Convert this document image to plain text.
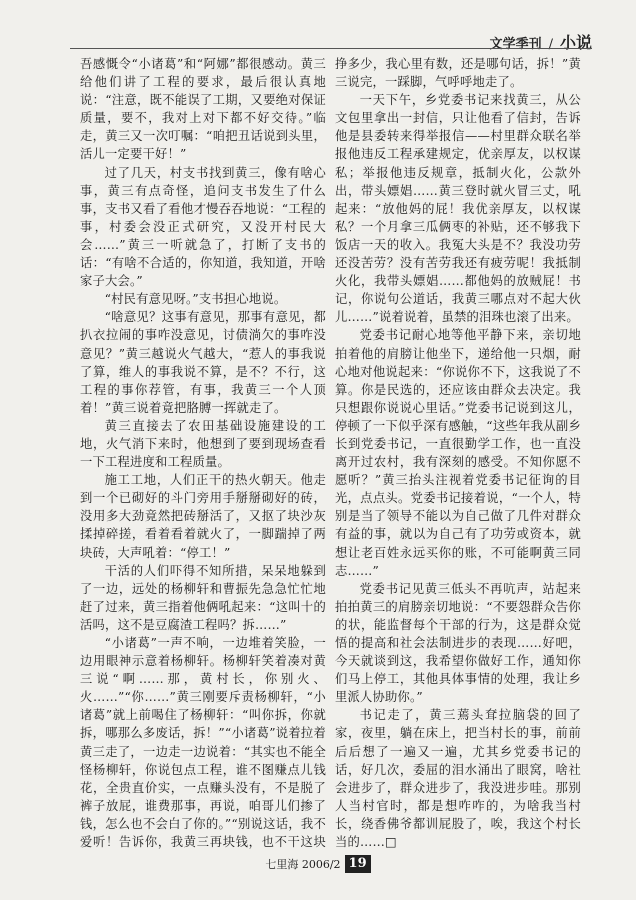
文学季刊 / 小说

吾感慨令“小诸葛”和“阿娜”都很感动。黄三给他们讲了工程的要求，最后很认真地说：“注意，既不能误了工期，又要绝对保证质量，要不，我对上对下都不好交待。”临走，黄三又一次叮嘱：“咱把丑话说到头里，活儿一定要干好！”

过了几天，村支书找到黄三，像有啥心事，黄三有点奇怪，追问支书发生了什么事，支书又看了看他才慢吞吞地说：“工程的事，村委会没正式研究，又没开村民大会……”黄三一听就急了，打断了支书的话：“有啥不合适的，你知道，我知道，开啥家子大会。”

“村民有意见呀。”支书担心地说。

“啥意见？这事有意见，那事有意见，都扒衣拉闹的事咋没意见，讨债淌欠的事咋没意见？”黄三越说火气越大，“惹人的事我说了算，维人的事我说不算，是不？不行，这工程的事你荐管，有事，我黄三一个人顶着！”黄三说着竟把胳膊一挥就走了。

黄三直接去了农田基础设施建设的工地，火气消下来时，他想到了要到现场查看一下工程进度和工程质量。

施工工地，人们正干的热火朝天。他走到一个已砌好的斗门旁用手掰掰砌好的砖，没用多大劲竟然把砖掰活了，又抠了块沙灰揉掉碎搓，看着看着就火了，一脚踹掉了两块砖，大声吼着：“停工！”

干活的人们吓得不知所措，呆呆地躲到了一边，远处的杨柳轩和曹振先急急忙忙地赶了过来，黄三指着他俩吼起来：“这叫十的活吗，这不是豆腐渣工程吗？拆……”

“小诸葛”一声不响，一边堆着笑脸，一边用眼神示意着杨柳轩。杨柳轩笑着凑对黄三说“啊……那，黄村长，你别火、火……”“你……”黄三刚要斥责杨柳轩，“小诸葛”就上前喝住了杨柳轩：“叫你拆，你就拆，哪那么多废话，拆！”“小诸葛”说着拉着黄三走了，一边走一边说着：“其实也不能全怪杨柳轩，你说包点工程，谁不图赚点儿钱花，全贵直价实，一点赚头没有，不是脱了裤子放屁，谁费那事，再说，咱哥儿们掺了钱，怎么也不会白了你的。”“别说这话，我不爱听！告诉你，我黄三再块钱，也不干这块

挣多少，我心里有数，还是哪句话，拆！”黄三说完，一踩脚，气呼呼地走了。

一天下午，乡党委书记来找黄三，从公文包里拿出一封信，只让他看了信封，告诉他是县委转来得举报信——村里群众联名举报他违反工程承建规定，优亲厚友，以权谋私；举报他违反规章，抵制火化，公款外出，带头嫖娼……黄三登时就火冒三丈，吼起来：“放他妈的屁！我优亲厚友，以权谋私？一个月拿三瓜俩枣的补贴，还不够我下饭店一天的收入。我冤大头是不？我没功劳还没苦劳？没有苦劳我还有疲劳呢！我抵制火化，我带头嫖娼……都他妈的放贼屁！书记，你说句公道话，我黄三哪点对不起大伙儿……”说着说着，虽禁的泪珠也滚了出来。

党委书记耐心地等他平静下来，亲切地拍着他的肩膀让他坐下，递给他一只烟，耐心地对他说起来：“你说你不下，这我说了不算。你是民选的，还应该由群众去决定。我只想跟你说说心里话。”党委书记说到这儿，停顿了一下似乎深有感触，“这些年我从副乡长到党委书记，一直很勤学工作，也一直没离开过农村，我有深刻的感受。不知你愿不愿听？”黄三抬头注视着党委书记征询的目光，点点头。党委书记接着说，“一个人，特别是当了领导不能以为自己做了几件对群众有益的事，就以为自己有了功劳或资本，就想让老百姓永远买你的账，不可能啊黄三同志……”

党委书记见黄三低头不再吭声，站起来拍拍黄三的肩膀亲切地说：“不要怨群众告你的状，能监督每个干部的行为，这是群众觉悟的提高和社会法制进步的表现……好吧，今天就谈到这，我希望你做好工作，通知你们马上停工，其他具体事情的处理，我让乡里派人协助你。”

书记走了，黄三蔫头耷拉脑袋的回了家，夜里，躺在床上，把当村长的事，前前后后想了一遍又一遍，尤其乡党委书记的话，好几次，委屈的泪水涌出了眼窝，啥社会进步了，群众进步了，我没进步哇。那别人当村官时，都是想咋咋的，为啥我当村长，绕香佛爷都训屁股了，唉，我这个村长当的……□

七里海 2006/2 19
